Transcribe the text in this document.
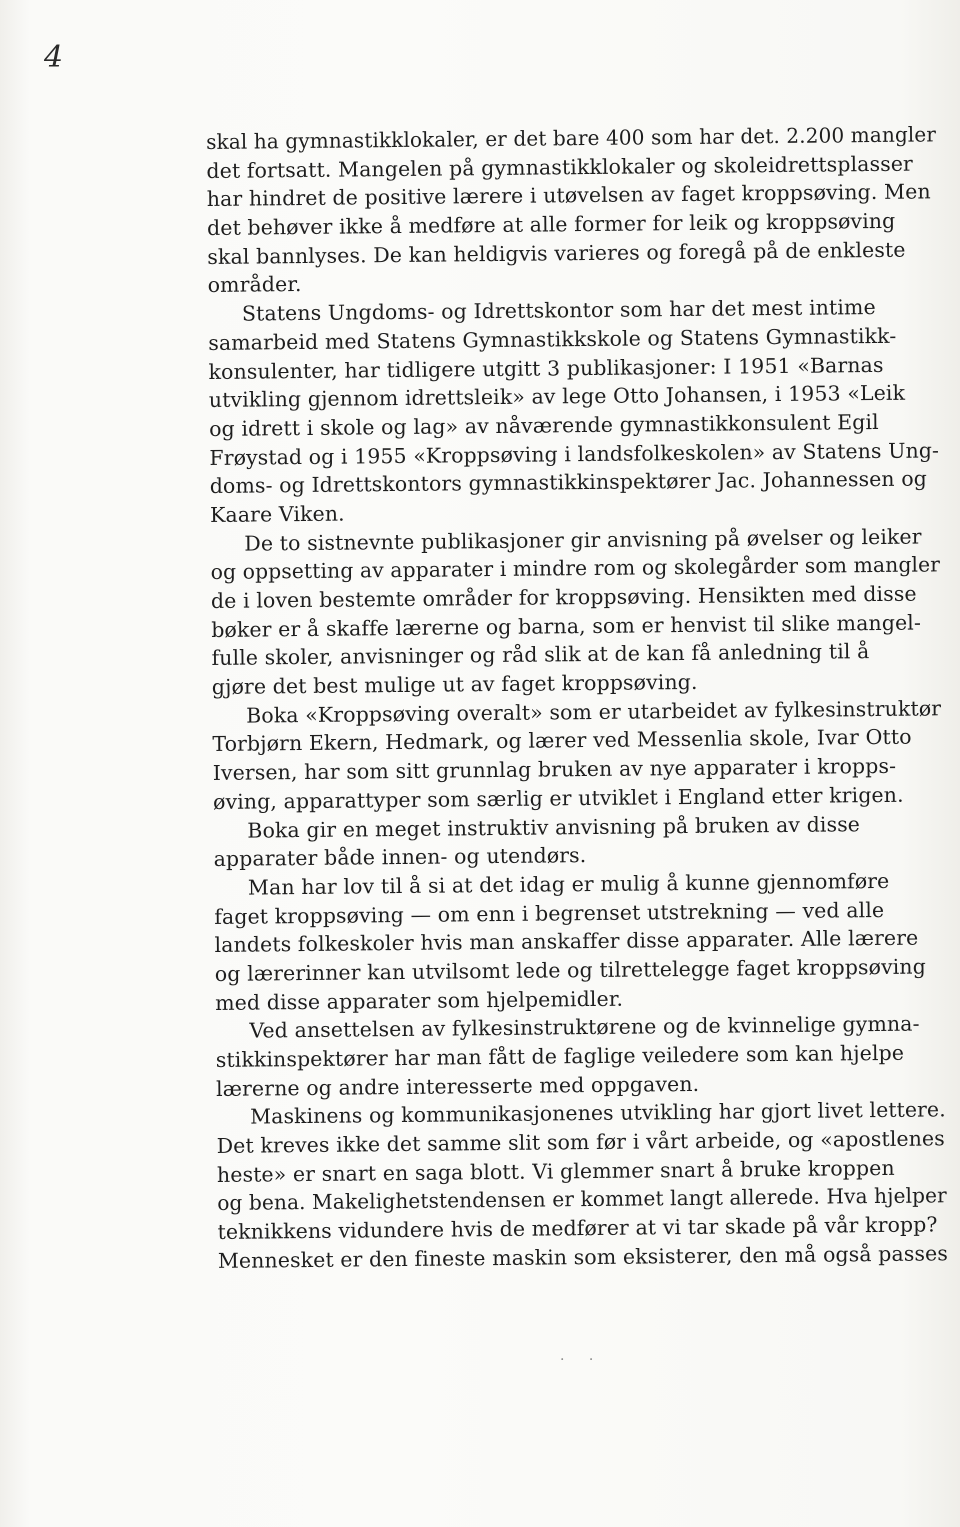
4
skal ha gymnastikklokaler, er det bare 400 som har det. 2.200 mangler
det fortsatt. Mangelen på gymnastikklokaler og skoleidrettsplasser
har hindret de positive lærere i utøvelsen av faget kroppsøving. Men
det behøver ikke å medføre at alle former for leik og kroppsøving
skal bannlyses. De kan heldigvis varieres og foregå på de enkleste
områder.
Statens Ungdoms- og Idrettskontor som har det mest intime
samarbeid med Statens Gymnastikkskole og Statens Gymnastikk-
konsulenter, har tidligere utgitt 3 publikasjoner: I 1951 «Barnas
utvikling gjennom idrettsleik» av lege Otto Johansen, i 1953 «Leik
og idrett i skole og lag» av nåværende gymnastikkonsulent Egil
Frøystad og i 1955 «Kroppsøving i landsfolkeskolen» av Statens Ung-
doms- og Idrettskontors gymnastikkinspektører Jac. Johannessen og
Kaare Viken.
De to sistnevnte publikasjoner gir anvisning på øvelser og leiker
og oppsetting av apparater i mindre rom og skolegårder som mangler
de i loven bestemte områder for kroppsøving. Hensikten med disse
bøker er å skaffe lærerne og barna, som er henvist til slike mangel-
fulle skoler, anvisninger og råd slik at de kan få anledning til å
gjøre det best mulige ut av faget kroppsøving.
Boka «Kroppsøving overalt» som er utarbeidet av fylkesinstruktør
Torbjørn Ekern, Hedmark, og lærer ved Messenlia skole, Ivar Otto
Iversen, har som sitt grunnlag bruken av nye apparater i kropps-
øving, apparattyper som særlig er utviklet i England etter krigen.
Boka gir en meget instruktiv anvisning på bruken av disse
apparater både innen- og utendørs.
Man har lov til å si at det idag er mulig å kunne gjennomføre
faget kroppsøving — om enn i begrenset utstrekning — ved alle
landets folkeskoler hvis man anskaffer disse apparater. Alle lærere
og lærerinner kan utvilsomt lede og tilrettelegge faget kroppsøving
med disse apparater som hjelpemidler.
Ved ansettelsen av fylkesinstruktørene og de kvinnelige gymna-
stikkinspektører har man fått de faglige veiledere som kan hjelpe
lærerne og andre interesserte med oppgaven.
Maskinens og kommunikasjonenes utvikling har gjort livet lettere.
Det kreves ikke det samme slit som før i vårt arbeide, og «apostlenes
heste» er snart en saga blott. Vi glemmer snart å bruke kroppen
og bena. Makelighetstendensen er kommet langt allerede. Hva hjelper
teknikkens vidundere hvis de medfører at vi tar skade på vår kropp?
Mennesket er den fineste maskin som eksisterer, den må også passes
· ·
